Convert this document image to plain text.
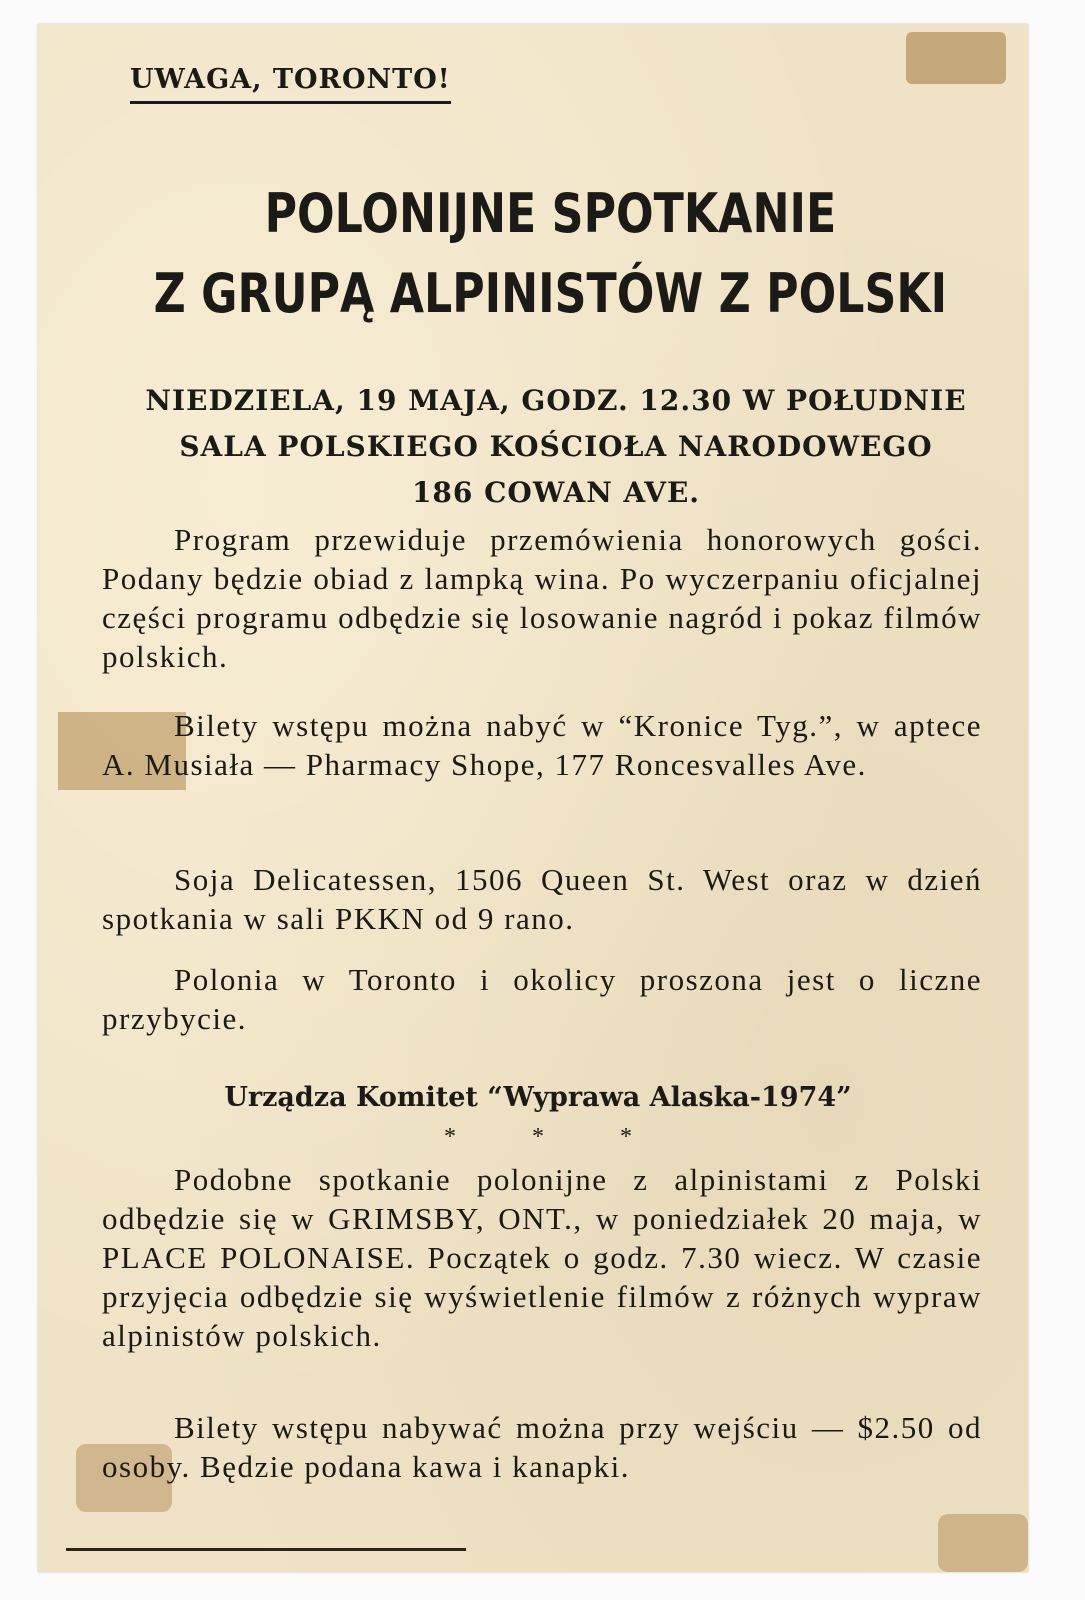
UWAGA, TORONTO!
POLONIJNE SPOTKANIE
Z GRUPĄ ALPINISTÓW Z POLSKI
NIEDZIELA, 19 MAJA, GODZ. 12.30 W POŁUDNIE
SALA POLSKIEGO KOŚCIOŁA NARODOWEGO
186 COWAN AVE.

Program przewiduje przemówienia honorowych gości. Podany będzie obiad z lampką wina. Po wyczerpaniu oficjalnej części programu odbędzie się losowanie nagród i pokaz filmów polskich.

Bilety wstępu można nabyć w “Kronice Tyg.”, w aptece A. Musiała — Pharmacy Shope, 177 Roncesvalles Ave.

Soja Delicatessen, 1506 Queen St. West oraz w dzień spotkania w sali PKKN od 9 rano.

Polonia w Toronto i okolicy proszona jest o liczne przybycie.

Urządza Komitet “Wyprawa Alaska-1974”
* * *

Podobne spotkanie polonijne z alpinistami z Polski odbędzie się w GRIMSBY, ONT., w poniedziałek 20 maja, w PLACE POLONAISE. Początek o godz. 7.30 wiecz. W czasie przyjęcia odbędzie się wyświetlenie filmów z różnych wypraw alpinistów polskich.

Bilety wstępu nabywać można przy wejściu — $2.50 od osoby. Będzie podana kawa i kanapki.
